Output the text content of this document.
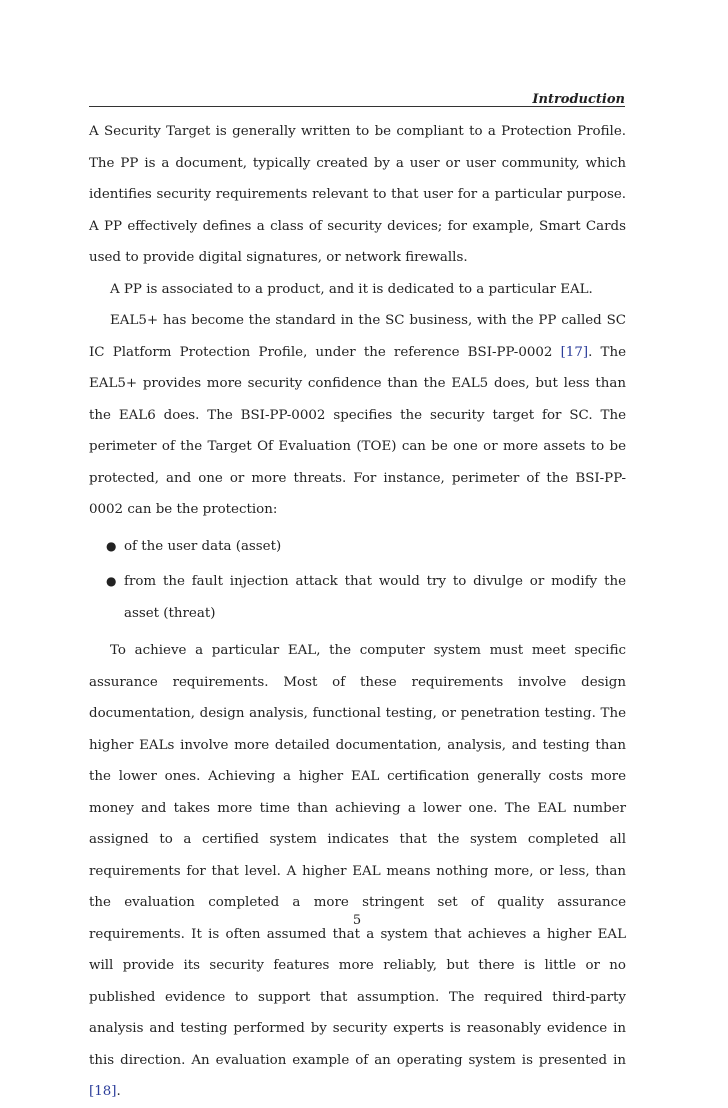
Introduction

A Security Target is generally written to be compliant to a Protection Profile. The PP is a document, typically created by a user or user community, which identifies security requirements relevant to that user for a particular purpose. A PP effectively defines a class of security devices; for example, Smart Cards used to provide digital signatures, or network firewalls.

A PP is associated to a product, and it is dedicated to a particular EAL.

EAL5+ has become the standard in the SC business, with the PP called SC IC Platform Protection Profile, under the reference BSI-PP-0002 [17]. The EAL5+ provides more security confidence than the EAL5 does, but less than the EAL6 does. The BSI-PP-0002 specifies the security target for SC. The perimeter of the Target Of Evaluation (TOE) can be one or more assets to be protected, and one or more threats. For instance, perimeter of the BSI-PP-0002 can be the protection:

● of the user data (asset)
● from the fault injection attack that would try to divulge or modify the asset (threat)

To achieve a particular EAL, the computer system must meet specific assurance requirements. Most of these requirements involve design documentation, design analysis, functional testing, or penetration testing. The higher EALs involve more detailed documentation, analysis, and testing than the lower ones. Achieving a higher EAL certification generally costs more money and takes more time than achieving a lower one. The EAL number assigned to a certified system indicates that the system completed all requirements for that level. A higher EAL means nothing more, or less, than the evaluation completed a more stringent set of quality assurance requirements. It is often assumed that a system that achieves a higher EAL will provide its security features more reliably, but there is little or no published evidence to support that assumption. The required third-party analysis and testing performed by security experts is reasonably evidence in this direction. An evaluation example of an operating system is presented in [18].

5
